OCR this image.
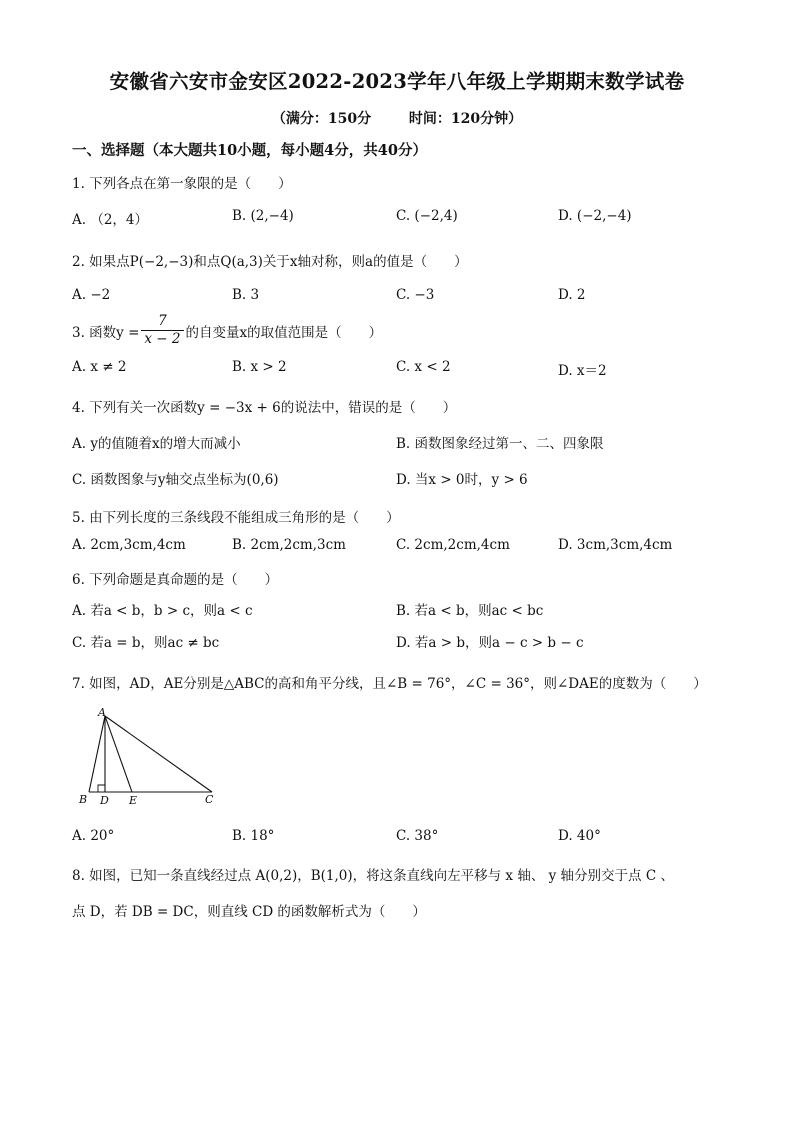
安徽省六安市金安区2022-2023学年八年级上学期期末数学试卷
（满分：150分	时间：120分钟）
一、选择题（本大题共10小题，每小题4分，共40分）
1. 下列各点在第一象限的是（　　）
A. （2，4）	B. (2,−4)	C. (−2,4)	D. (−2,−4)
2. 如果点P(−2,−3)和点Q(a,3)关于x轴对称，则a的值是（　　）
A. −2	B. 3	C. −3	D. 2
3. 函数$y = \frac{7}{x - 2}$ 的自变量x的取值范围是（　　）
A. x ≠ 2	B. x > 2	C. x < 2	D. x＝2
4. 下列有关一次函数y = −3x + 6的说法中，错误的是（　　）
A. y的值随着x的增大而减小	B. 函数图象经过第一、二、四象限
C. 函数图象与y轴交点坐标为(0,6)	D. 当x > 0时，y > 6
5. 由下列长度的三条线段不能组成三角形的是（　　）
A. 2cm,3cm,4cm	B. 2cm,2cm,3cm	C. 2cm,2cm,4cm	D. 3cm,3cm,4cm
6. 下列命题是真命题的是（　　）
A. 若a < b，b > c，则a < c	B. 若a < b，则ac < bc
C. 若a = b，则ac ≠ bc	D. 若a > b，则a − c > b − c
7. 如图，AD，AE分别是△ABC的高和角平分线，且∠B = 76°，∠C = 36°，则∠DAE的度数为（　　）
A
B D E	C
A. 20°	B. 18°	C. 38°	D. 40°
8. 如图，已知一条直线经过点 A(0,2)，B(1,0)，将这条直线向左平移与 x 轴、 y 轴分别交于点 C 、
点 D，若 DB = DC，则直线 CD 的函数解析式为（　　）
